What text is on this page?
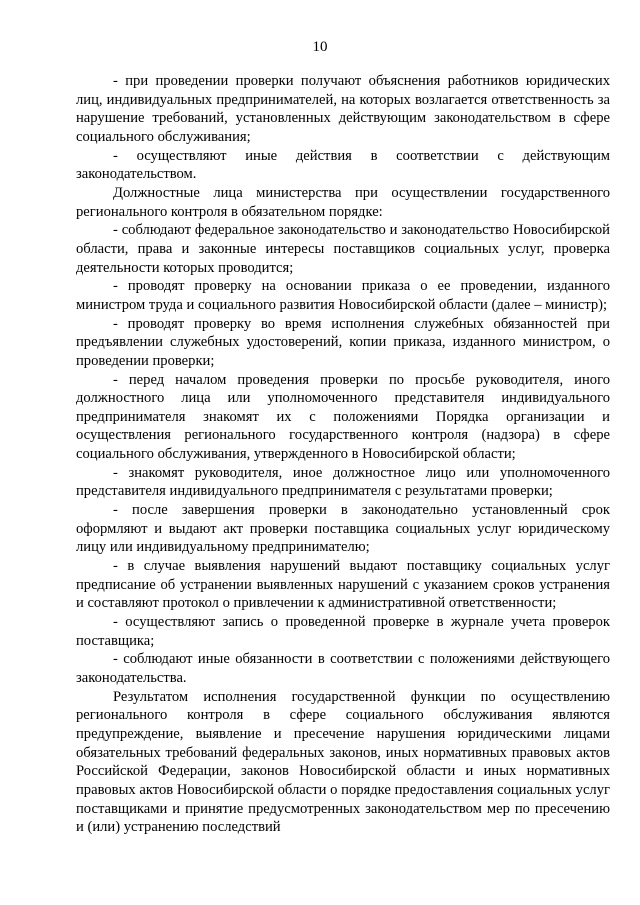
10

- при проведении проверки получают объяснения работников юридических лиц, индивидуальных предпринимателей, на которых возлагается ответственность за нарушение требований, установленных действующим законодательством в сфере социального обслуживания;

- осуществляют иные действия в соответствии с действующим законодательством.

Должностные лица министерства при осуществлении государственного регионального контроля в обязательном порядке:

- соблюдают федеральное законодательство и законодательство Новосибирской области, права и законные интересы поставщиков социальных услуг, проверка деятельности которых проводится;

- проводят проверку на основании приказа о ее проведении, изданного министром труда и социального развития Новосибирской области (далее – министр);

- проводят проверку во время исполнения служебных обязанностей при предъявлении служебных удостоверений, копии приказа, изданного министром, о проведении проверки;

- перед началом проведения проверки по просьбе руководителя, иного должностного лица или уполномоченного представителя индивидуального предпринимателя знакомят их с положениями Порядка организации и осуществления регионального государственного контроля (надзора) в сфере социального обслуживания, утвержденного в Новосибирской области;

- знакомят руководителя, иное должностное лицо или уполномоченного представителя индивидуального предпринимателя с результатами проверки;

- после завершения проверки в законодательно установленный срок оформляют и выдают акт проверки поставщика социальных услуг юридическому лицу или индивидуальному предпринимателю;

- в случае выявления нарушений выдают поставщику социальных услуг предписание об устранении выявленных нарушений с указанием сроков устранения и составляют протокол о привлечении к административной ответственности;

- осуществляют запись о проведенной проверке в журнале учета проверок поставщика;

- соблюдают иные обязанности в соответствии с положениями действующего законодательства.

Результатом исполнения государственной функции по осуществлению регионального контроля в сфере социального обслуживания являются предупреждение, выявление и пресечение нарушения юридическими лицами обязательных требований федеральных законов, иных нормативных правовых актов Российской Федерации, законов Новосибирской области и иных нормативных правовых актов Новосибирской области о порядке предоставления социальных услуг поставщиками и принятие предусмотренных законодательством мер по пресечению и (или) устранению последствий
